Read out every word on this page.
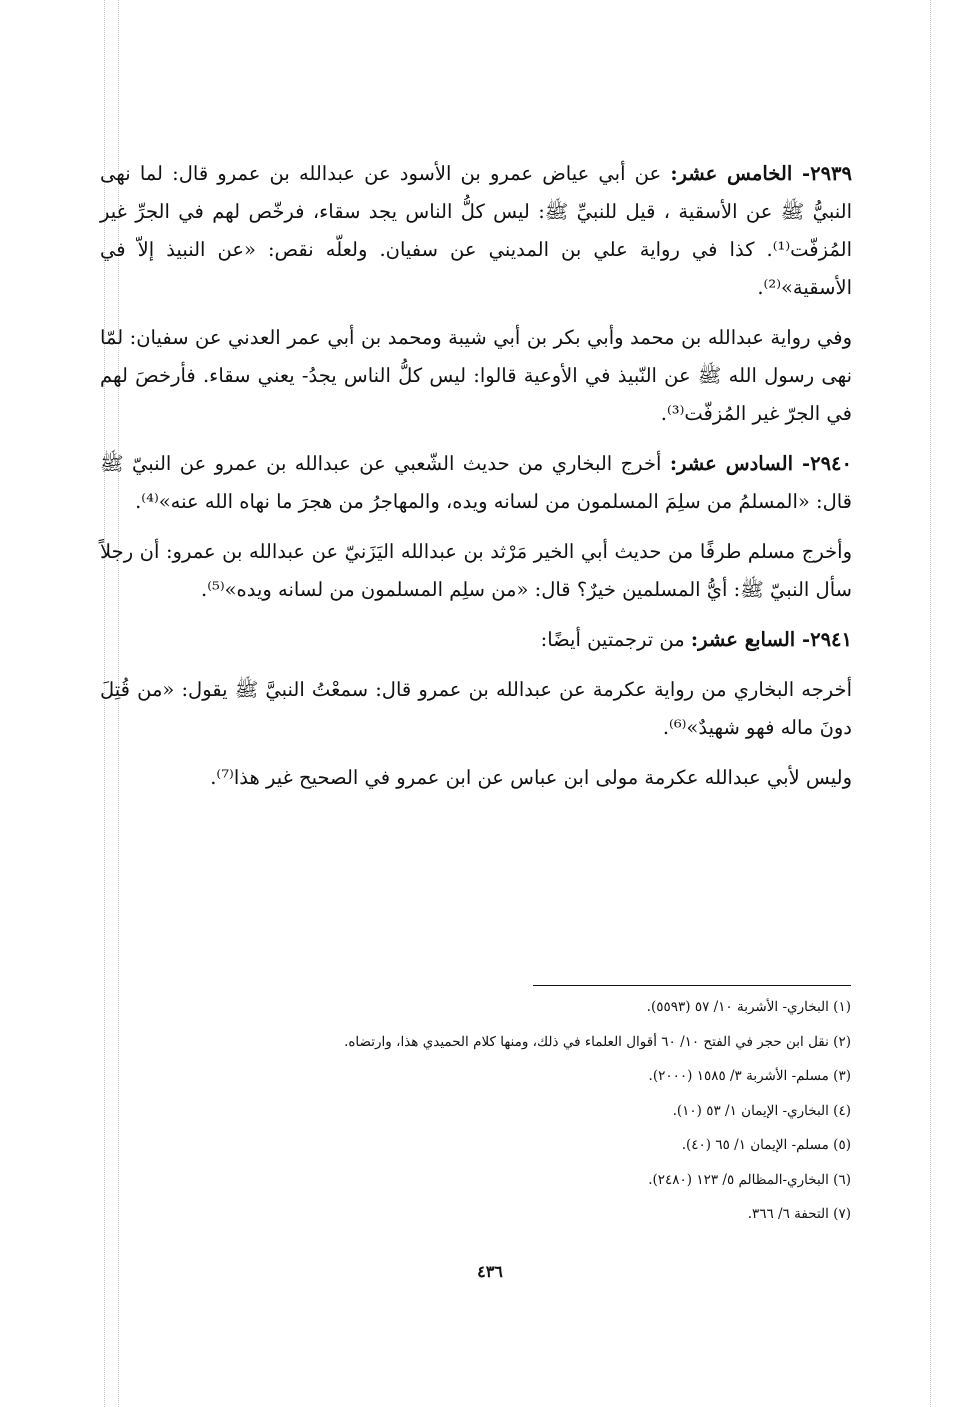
٢٩٣٩- الخامس عشر: عن أبي عياض عمرو بن الأسود عن عبدالله بن عمرو قال: لما نهى النبيُّ ﷺ عن الأسقية ، قيل للنبيِّ ﷺ: ليس كلُّ الناس يجد سقاء، فرخّص لهم في الجرِّ غير المُزفّت⁽¹⁾. كذا في رواية علي بن المديني عن سفيان. ولعلّه نقص: «عن النبيذ إلاّ في الأسقية»⁽²⁾.

وفي رواية عبدالله بن محمد وأبي بكر بن أبي شيبة ومحمد بن أبي عمر العدني عن سفيان: لمّا نهى رسول الله ﷺ عن النّبيذ في الأوعية قالوا: ليس كلُّ الناس يجدُ- يعني سقاء. فأرخصَ لهم في الجرّ غير المُزفّت⁽³⁾.

٢٩٤٠- السادس عشر: أخرج البخاري من حديث الشّعبي عن عبدالله بن عمرو عن النبيّ ﷺ قال: «المسلمُ من سلِمَ المسلمون من لسانه ويده، والمهاجرُ من هجرَ ما نهاه الله عنه»⁽⁴⁾.

وأخرج مسلم طرفًا من حديث أبي الخير مَرْثد بن عبدالله اليَزَنيّ عن عبدالله بن عمرو: أن رجلاً سأل النبيّ ﷺ: أيُّ المسلمين خيرٌ؟ قال: «من سلِم المسلمون من لسانه ويده»⁽⁵⁾.

٢٩٤١- السابع عشر: من ترجمتين أيضًا:

أخرجه البخاري من رواية عكرمة عن عبدالله بن عمرو قال: سمعْتُ النبيَّ ﷺ يقول: «من قُتِلَ دونَ ماله فهو شهيدٌ»⁽⁶⁾.

وليس لأبي عبدالله عكرمة مولى ابن عباس عن ابن عمرو في الصحيح غير هذا⁽⁷⁾.

(١) البخاري- الأشربة ١٠/ ٥٧ (٥٥٩٣).
(٢) نقل ابن حجر في الفتح ١٠/ ٦٠ أقوال العلماء في ذلك، ومنها كلام الحميدي هذا، وارتضاه.
(٣) مسلم- الأشربة ٣/ ١٥٨٥ (٢٠٠٠).
(٤) البخاري- الإيمان ١/ ٥٣ (١٠).
(٥) مسلم- الإيمان ١/ ٦٥ (٤٠).
(٦) البخاري-المظالم ٥/ ١٢٣ (٢٤٨٠).
(٧) التحفة ٦/ ٣٦٦.
٤٣٦
